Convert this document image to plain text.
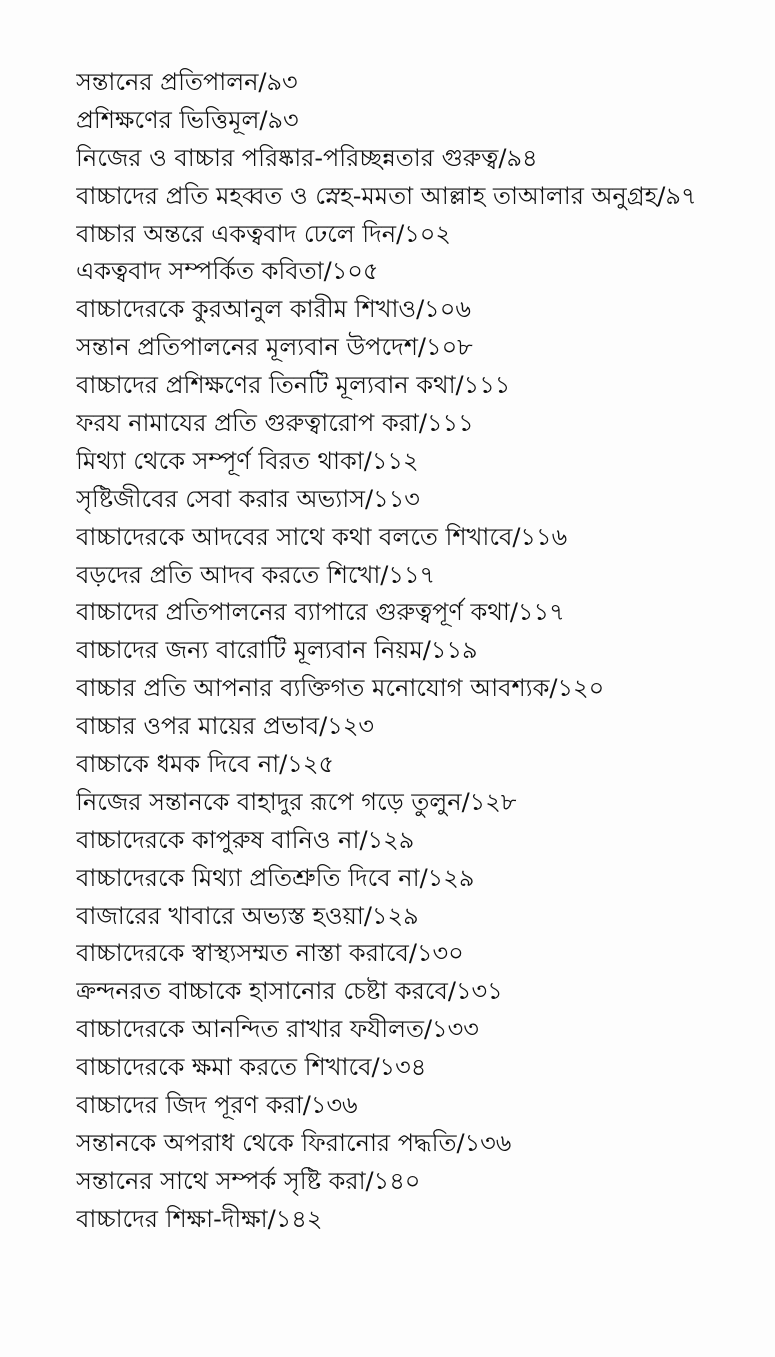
সন্তানের প্রতিপালন/৯৩
প্রশিক্ষণের ভিত্তিমূল/৯৩
নিজের ও বাচ্চার পরিষ্কার-পরিচ্ছন্নতার গুরুত্ব/৯৪
বাচ্চাদের প্রতি মহব্বত ও স্নেহ-মমতা আল্লাহ তাআলার অনুগ্রহ/৯৭
বাচ্চার অন্তরে একত্ববাদ ঢেলে দিন/১০২
একত্ববাদ সম্পর্কিত কবিতা/১০৫
বাচ্চাদেরকে কুরআনুল কারীম শিখাও/১০৬
সন্তান প্রতিপালনের মূল্যবান উপদেশ/১০৮
বাচ্চাদের প্রশিক্ষণের তিনটি মূল্যবান কথা/১১১
ফরয নামাযের প্রতি গুরুত্বারোপ করা/১১১
মিথ্যা থেকে সম্পূর্ণ বিরত থাকা/১১২
সৃষ্টিজীবের সেবা করার অভ্যাস/১১৩
বাচ্চাদেরকে আদবের সাথে কথা বলতে শিখাবে/১১৬
বড়দের প্রতি আদব করতে শিখো/১১৭
বাচ্চাদের প্রতিপালনের ব্যাপারে গুরুত্বপূর্ণ কথা/১১৭
বাচ্চাদের জন্য বারোটি মূল্যবান নিয়ম/১১৯
বাচ্চার প্রতি আপনার ব্যক্তিগত মনোযোগ আবশ্যক/১২০
বাচ্চার ওপর মায়ের প্রভাব/১২৩
বাচ্চাকে ধমক দিবে না/১২৫
নিজের সন্তানকে বাহাদুর রূপে গড়ে তুলুন/১২৮
বাচ্চাদেরকে কাপুরুষ বানিও না/১২৯
বাচ্চাদেরকে মিথ্যা প্রতিশ্রুতি দিবে না/১২৯
বাজারের খাবারে অভ্যস্ত হওয়া/১২৯
বাচ্চাদেরকে স্বাস্থ্যসম্মত নাস্তা করাবে/১৩০
ক্রন্দনরত বাচ্চাকে হাসানোর চেষ্টা করবে/১৩১
বাচ্চাদেরকে আনন্দিত রাখার ফযীলত/১৩৩
বাচ্চাদেরকে ক্ষমা করতে শিখাবে/১৩৪
বাচ্চাদের জিদ পূরণ করা/১৩৬
সন্তানকে অপরাধ থেকে ফিরানোর পদ্ধতি/১৩৬
সন্তানের সাথে সম্পর্ক সৃষ্টি করা/১৪০
বাচ্চাদের শিক্ষা-দীক্ষা/১৪২
